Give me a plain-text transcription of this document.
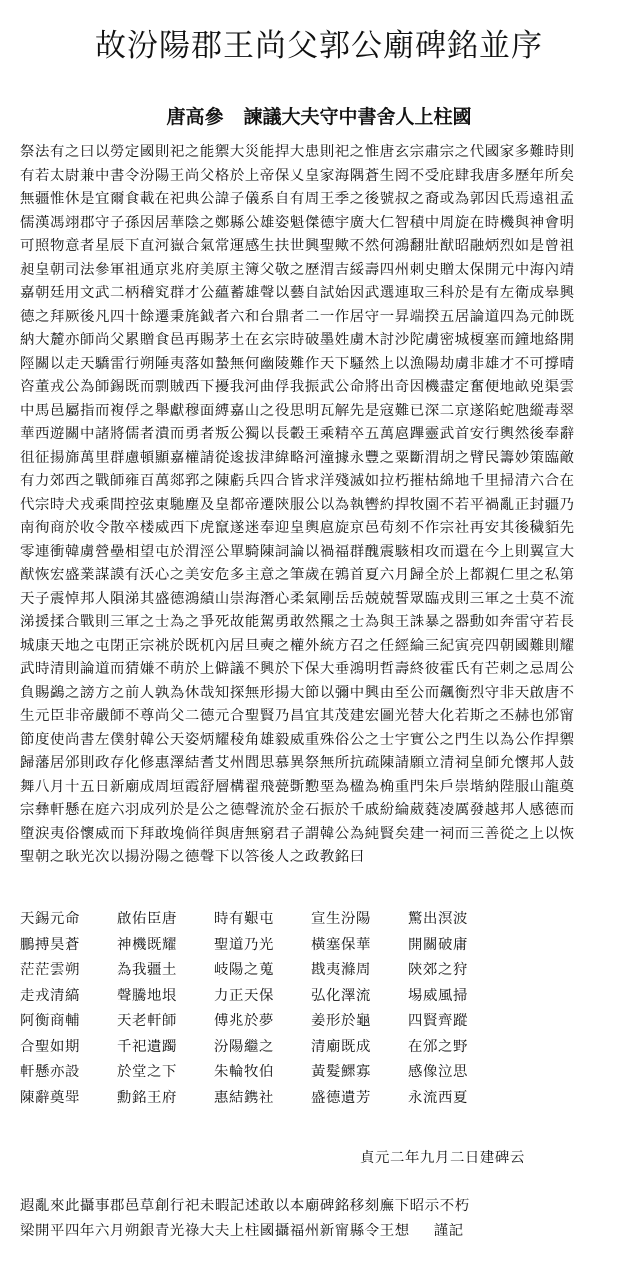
故汾陽郡王尚父郭公廟碑銘並序
唐高參 諫議大夫守中書舍人上柱國
祭法有之曰以勞定國則祀之能禦大災能捍大患則祀之惟唐玄宗肅宗之代國家多難時則
有若太尉兼中書令汾陽王尚父格於上帝保乂皇家海隅蒼生罔不受庇肆我唐多歷年所矣
無疆惟休是宜爾食載在祀典公諱子儀系自有周王季之後號叔之裔或為郭因氏焉遠祖孟
儒漢馮翊郡守子孫因居華陰之鄭縣公雄姿魁傑德宇廣大仁智積中周旋在時機與神會明
可照物意者星辰下直河嶽合氣常運感生扶世興聖歟不然何鴻翻壯猷昭融炳烈如是曾祖
昶皇朝司法參軍祖通京兆府美原主簿父敬之歷渭吉綏壽四州刺史贈太保開元中海內靖
嘉朝廷用文武二柄稽䆒群才公蘊蓄雄聲以藝自試始因武選連取三科於是有左衛成皋興
德之拜厥後凡四十餘遷秉旄鉞者六和台鼎者二一作居守一昇端揆五居論道四為元帥既
納大麓亦師尚父累贈食邑再賜茅土在玄宗時破墨姓虜木討沙陀虜密城榎塞而鐘地絡開
陘關以走天驕雷行朔陲夷落如蟄無何幽陵難作天下騷然上以漁陽劫虜非雄才不可撐晴
咨董戎公為師錫既而剽賊西下擾我河曲俘我振武公命將出奇因機盡定奮便地畝兇渠雲
中馬邑屬指而複俘之舉獻穆面縛嘉山之役思明瓦解先是寇難已深二京遂陷蛇虺縱毒翠
華西遊關中諸將儒者潰而勇者叛公獨以長轂王乘精卒五萬扈蹕靈武首安行輿然後奉辭
徂征揚旆萬里群慮頓顯嘉權請從逡拔津緯略河潼據永豐之粟斷渭胡之臂民籌妙策臨敵
有力郊西之戰師雍百萬郯郛之陳虧兵四合皆求洋殘滅如拉朽摧枯綿地千里掃清六合在
代宗時犬戎乘間控弦東馳塵及皇都帝遷陝服公以為執轡約捍牧園不若平禍亂正封疆乃
南徇商於收令散卒楼威西下虎竄遂迷奉迎皇輿扈旋京邑苟刻不作宗社再安其後穢貊先
零連衝韓虜營壘相望屯於渭涇公單騎陳詞論以禍福群醜震駭相攻而還在今上則翼宣大
猷恢宏盛業謀謨有沃心之美安危多主意之筆歲在鶉首夏六月歸全於上都親仁里之私第
天子震悼邦人隕涕其盛德鴻績山崇海潛心柔氣剛岳岳兢兢誓眾臨戎則三軍之士莫不流
涕援揉合戰則三軍之士為之爭死故能駕勇敢然羆之士為與王誅暴之器動如奔雷守若長
城康天地之屯閉正宗祧於既杌內居旦奭之權外統方召之任經綸三紀寅亮四朝國難則耀
武時清則論道而猜嫌不萌於上僻議不興於下保大垂鴻明哲壽終彼霍氏有芒刺之忌周公
負賜鷁之謗方之前人孰為休哉知探無形揚大節以彌中興由至公而飆衡烈守非天啟唐不
生元臣非帝嚴師不尊尚父二德元合聖賢乃昌宜其茂建宏圖光替大化若斯之丕赫也邠甯
節度使尚書左僕射韓公天姿炳耀稜角雄毅威重殊俗公之士宇實公之門生以為公作捍禦
歸藩居邠則政存化修惠澤結耆艾州閭思慕異祭無所抗疏陳請願立清祠皇師允懷邦人鼓
舞八月十五日新廟成周垣霞舒層構翟飛甍斲懃堊為楹為桷重門朱戶崇堦納陛服山龍奠
宗彝軒懸在庭六羽成列於是公之德聲流於金石振於千戚紛綸葳蕤凌厲發越邦人感德而
墮涙夷俗懷威而下拜敢堍倘徉與唐無窮君子謂韓公為純賢矣建一祠而三善從之上以恢
聖朝之耿光次以揚汾陽之德聲下以答後人之政教銘曰
天錫元命	啟佑臣唐	時有艱屯	宣生汾陽	驚出溟波
鵬搏昊蒼	神機既耀	聖道乃光	橫塞保華	開關破庸
茫茫雲朔	為我疆土	岐陽之蒐	戡夷滌周	陝郊之狩
走戎清縞	聲騰地垠	力正天保	弘化澤流	埸威風掃
阿衡商輔	天老軒師	傅兆於夢	姜形於龜	四賢齊蹤
合聖如期	千祀遺躅	汾陽繼之	清廟既成	在邠之野
軒懸亦設	於堂之下	朱輪牧伯	黃髮鰥寡	感像泣思
陳辭奠斝	勳銘王府	惠結鎸社	盛德遺芳	永流西夏
貞元二年九月二日建碑云
遐亂來此攝事郡邑草創行祀未暇記述敢以本廟碑銘移刻廡下昭示不朽
梁開平四年六月朔銀青光祿大夫上柱國攝福州新甯縣令王想 謹記
